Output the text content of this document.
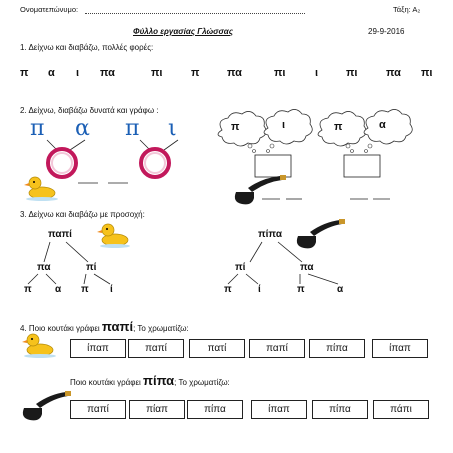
Ονοματεπώνυμο:	Τάξη: Α₂
Φύλλο εργασίας Γλώσσας	29-9-2016
1. Δείχνω και διαβάζω, πολλές φορές:
π α ι πα	πι	π	πα	πι	ι	πι	πα πι
2. Δείχνω, διαβάζω δυνατά και γράφω :
π α π ι	π	ι	π	α
3. Δείχνω και διαβάζω με προσοχή:
παπί
πα	πί
π α π ί
πίπα
πί	πα
π	ί	π	α
4. Ποιο κουτάκι γράφει παπί; Το χρωματίζω:
ίπαπ	παπί	πατί	παπί	πίπα	ίπαπ
Ποιο κουτάκι γράφει πίπα; Το χρωματίζω:
παπί	πίαπ	πίπα	ίπαπ	πίπα	πάπι
